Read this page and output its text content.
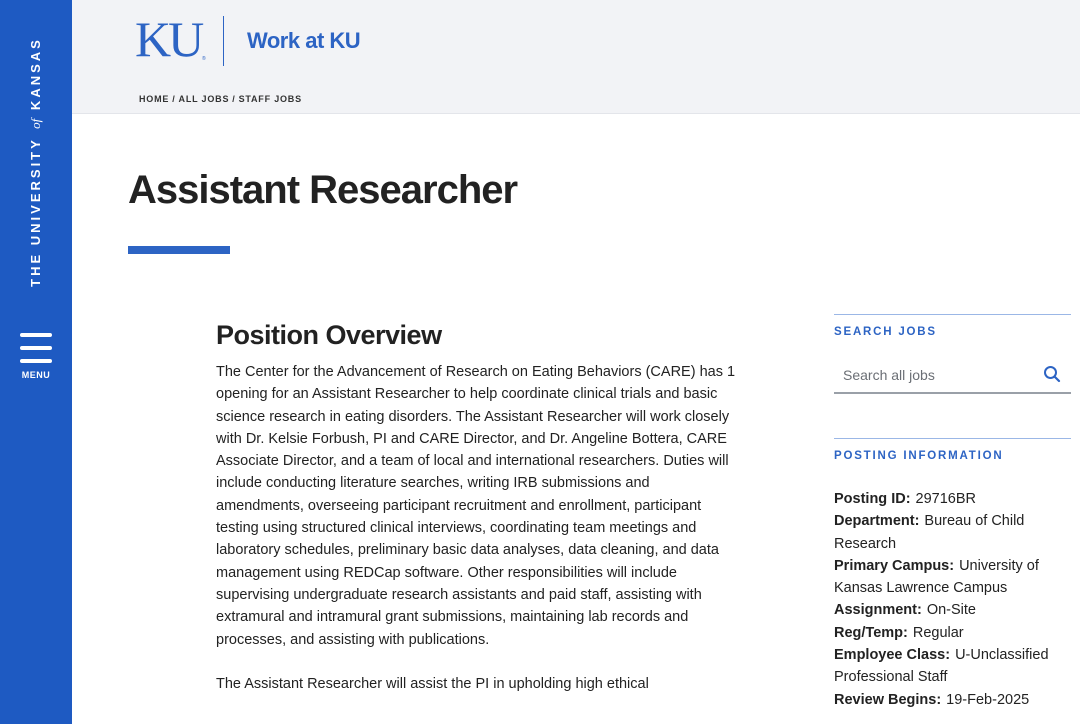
THE UNIVERSITY of KANSAS
MENU
KU ®
Work at KU
HOME / ALL JOBS / STAFF JOBS
Assistant Researcher
Position Overview

The Center for the Advancement of Research on Eating Behaviors (CARE) has 1 opening for an Assistant Researcher to help coordinate clinical trials and basic science research in eating disorders. The Assistant Researcher will work closely with Dr. Kelsie Forbush, PI and CARE Director, and Dr. Angeline Bottera, CARE Associate Director, and a team of local and international researchers. Duties will include conducting literature searches, writing IRB submissions and amendments, overseeing participant recruitment and enrollment, participant testing using structured clinical interviews, coordinating team meetings and laboratory schedules, preliminary basic data analyses, data cleaning, and data management using REDCap software. Other responsibilities will include supervising undergraduate research assistants and paid staff, assisting with extramural and intramural grant submissions, maintaining lab records and processes, and assisting with publications.

The Assistant Researcher will assist the PI in upholding high ethical

SEARCH JOBS
Search all jobs
POSTING INFORMATION
Posting ID: 29716BR
Department: Bureau of Child Research
Primary Campus: University of Kansas Lawrence Campus
Assignment: On-Site
Reg/Temp: Regular
Employee Class: U-Unclassified Professional Staff
Review Begins: 19-Feb-2025
